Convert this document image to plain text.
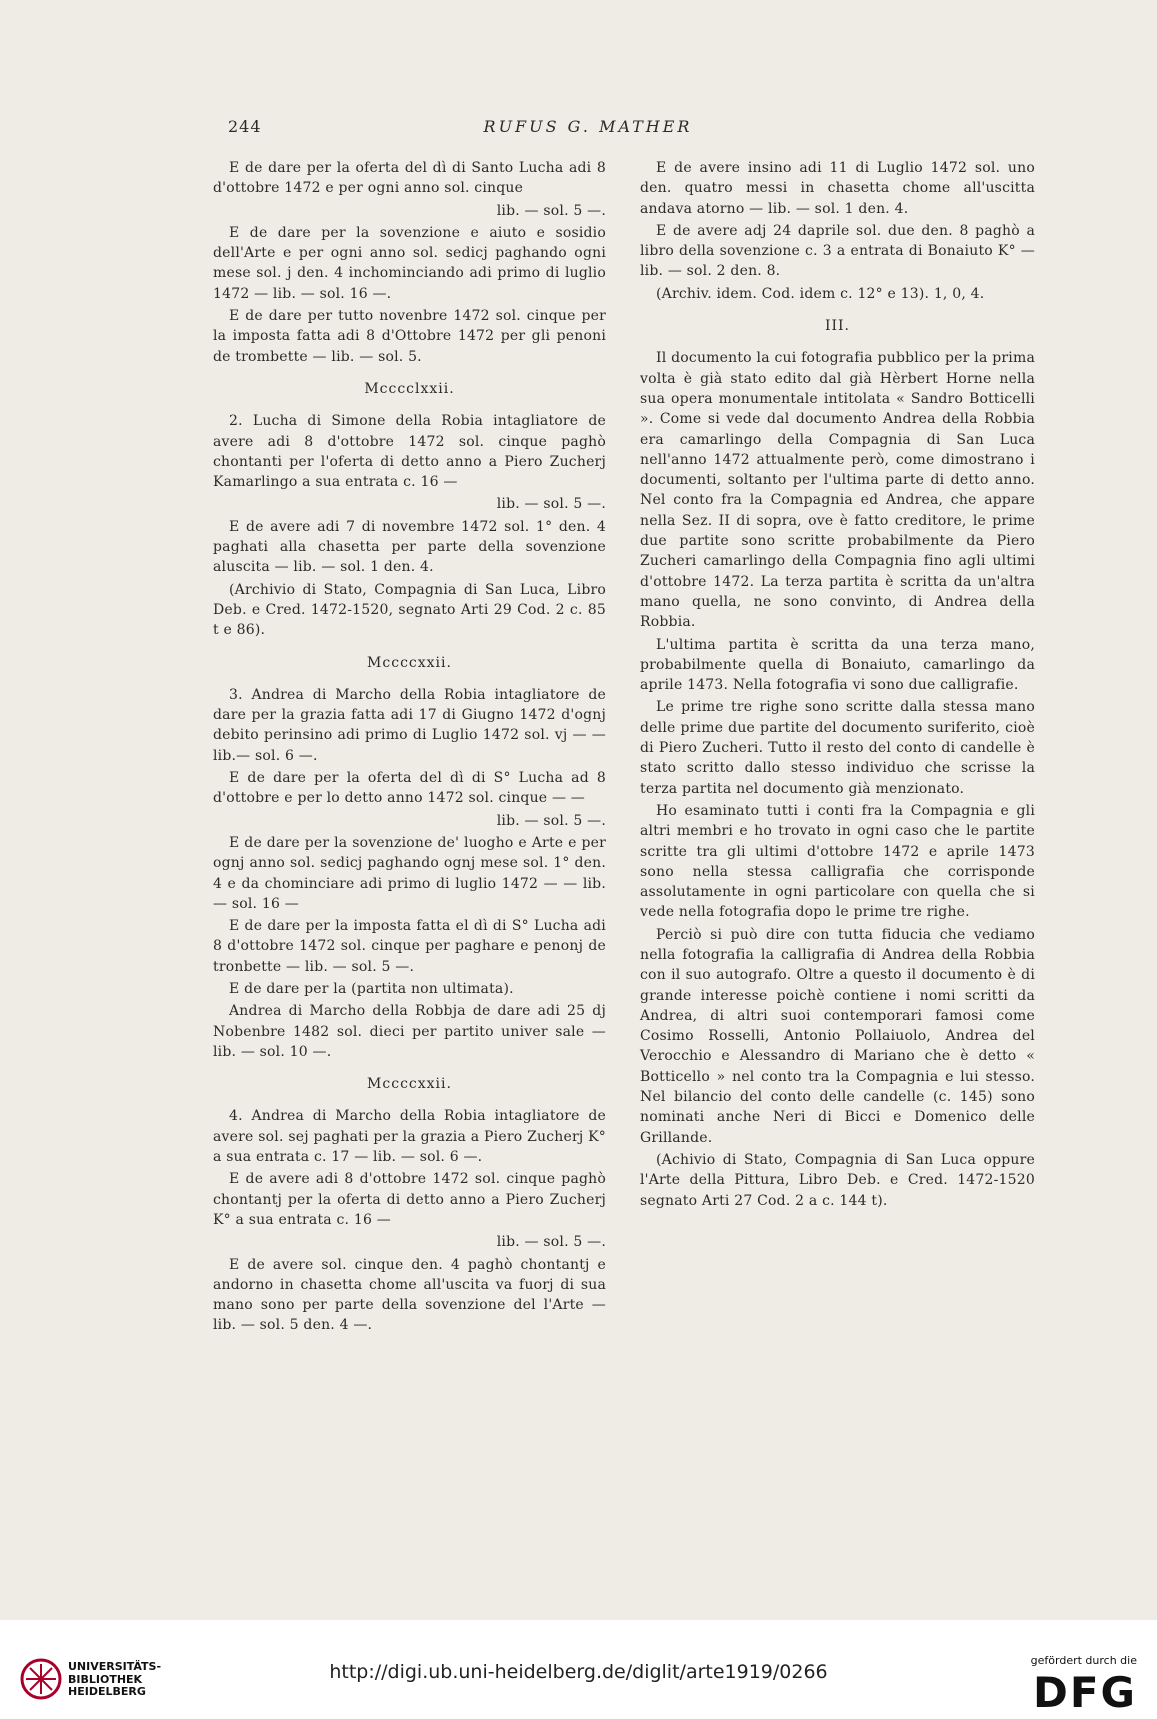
244	RUFUS G. MATHER
E de dare per la oferta del dì di Santo Lucha adi 8 d'ottobre 1472 e per ogni anno sol. cinque
lib. — sol. 5 —.
E de dare per la sovenzione e aiuto e sosidio dell'Arte e per ogni anno sol. sedicj paghando ogni mese sol. j den. 4 inchominciando adi primo di luglio 1472 — lib. — sol. 16 —.
E de dare per tutto novenbre 1472 sol. cinque per la imposta fatta adi 8 d'Ottobre 1472 per gli penoni de trombette — lib. — sol. 5.
Mcccclxxii.
2. Lucha di Simone della Robia intagliatore de avere adi 8 d'ottobre 1472 sol. cinque paghò chontanti per l'oferta di detto anno a Piero Zucherj Kamarlingo a sua entrata c. 16 —
lib. — sol. 5 —.
E de avere adi 7 di novembre 1472 sol. 1° den. 4 paghati alla chasetta per parte della sovenzione aluscita — lib. — sol. 1 den. 4.
(Archivio di Stato, Compagnia di San Luca, Libro Deb. e Cred. 1472-1520, segnato Arti 29 Cod. 2 c. 85 t e 86).
Mccccxxii.
3. Andrea di Marcho della Robia intagliatore de dare per la grazia fatta adi 17 di Giugno 1472 d'ognj debito perinsino adi primo di Luglio 1472 sol. vj — — lib.— sol. 6 —.
E de dare per la oferta del dì di S° Lucha ad 8 d'ottobre e per lo detto anno 1472 sol. cinque — —
lib. — sol. 5 —.
E de dare per la sovenzione de' luogho e Arte e per ognj anno sol. sedicj paghando ognj mese sol. 1° den. 4 e da chominciare adi primo di luglio 1472 — — lib. — sol. 16 —
E de dare per la imposta fatta el dì di S° Lucha adi 8 d'ottobre 1472 sol. cinque per paghare e penonj de tronbette — lib. — sol. 5 —.
E de dare per la (partita non ultimata).
Andrea di Marcho della Robbja de dare adi 25 dj Nobenbre 1482 sol. dieci per partito univer sale — lib. — sol. 10 —.
Mccccxxii.
4. Andrea di Marcho della Robia intagliatore de avere sol. sej paghati per la grazia a Piero Zucherj K° a sua entrata c. 17 — lib. — sol. 6 —.
E de avere adi 8 d'ottobre 1472 sol. cinque paghò chontantj per la oferta di detto anno a Piero Zucherj K° a sua entrata c. 16 —
lib. — sol. 5 —.
E de avere sol. cinque den. 4 paghò chontantj e andorno in chasetta chome all'uscita va fuorj di sua mano sono per parte della sovenzione del l'Arte — lib. — sol. 5 den. 4 —.
E de avere insino adi 11 di Luglio 1472 sol. uno den. quatro messi in chasetta chome all'uscitta andava atorno — lib. — sol. 1 den. 4.
E de avere adj 24 daprile sol. due den. 8 paghò a libro della sovenzione c. 3 a entrata di Bonaiuto K° — lib. — sol. 2 den. 8.
(Archiv. idem. Cod. idem c. 12° e 13). 1, 0, 4.
III.
Il documento la cui fotografia pubblico per la prima volta è già stato edito dal già Hèrbert Horne nella sua opera monumentale intitolata « Sandro Botticelli ». Come si vede dal documento Andrea della Robbia era camarlingo della Compagnia di San Luca nell'anno 1472 attualmente però, come dimostrano i documenti, soltanto per l'ultima parte di detto anno. Nel conto fra la Compagnia ed Andrea, che appare nella Sez. II di sopra, ove è fatto creditore, le prime due partite sono scritte probabilmente da Piero Zucheri camarlingo della Compagnia fino agli ultimi d'ottobre 1472. La terza partita è scritta da un'altra mano quella, ne sono convinto, di Andrea della Robbia.
L'ultima partita è scritta da una terza mano, probabilmente quella di Bonaiuto, camarlingo da aprile 1473. Nella fotografia vi sono due calligrafie.
Le prime tre righe sono scritte dalla stessa mano delle prime due partite del documento suriferito, cioè di Piero Zucheri. Tutto il resto del conto di candelle è stato scritto dallo stesso individuo che scrisse la terza partita nel documento già menzionato.
Ho esaminato tutti i conti fra la Compagnia e gli altri membri e ho trovato in ogni caso che le partite scritte tra gli ultimi d'ottobre 1472 e aprile 1473 sono nella stessa calligrafia che corrisponde assolutamente in ogni particolare con quella che si vede nella fotografia dopo le prime tre righe.
Perciò si può dire con tutta fiducia che vediamo nella fotografia la calligrafia di Andrea della Robbia con il suo autografo. Oltre a questo il documento è di grande interesse poichè contiene i nomi scritti da Andrea, di altri suoi contemporari famosi come Cosimo Rosselli, Antonio Pollaiuolo, Andrea del Verocchio e Alessandro di Mariano che è detto « Botticello » nel conto tra la Compagnia e lui stesso. Nel bilancio del conto delle candelle (c. 145) sono nominati anche Neri di Bicci e Domenico delle Grillande.
(Achivio di Stato, Compagnia di San Luca oppure l'Arte della Pittura, Libro Deb. e Cred. 1472-1520 segnato Arti 27 Cod. 2 a c. 144 t).
UNIVERSITÄTS-
BIBLIOTHEK
HEIDELBERG
http://digi.ub.uni-heidelberg.de/diglit/arte1919/0266
gefördert durch die
DFG
